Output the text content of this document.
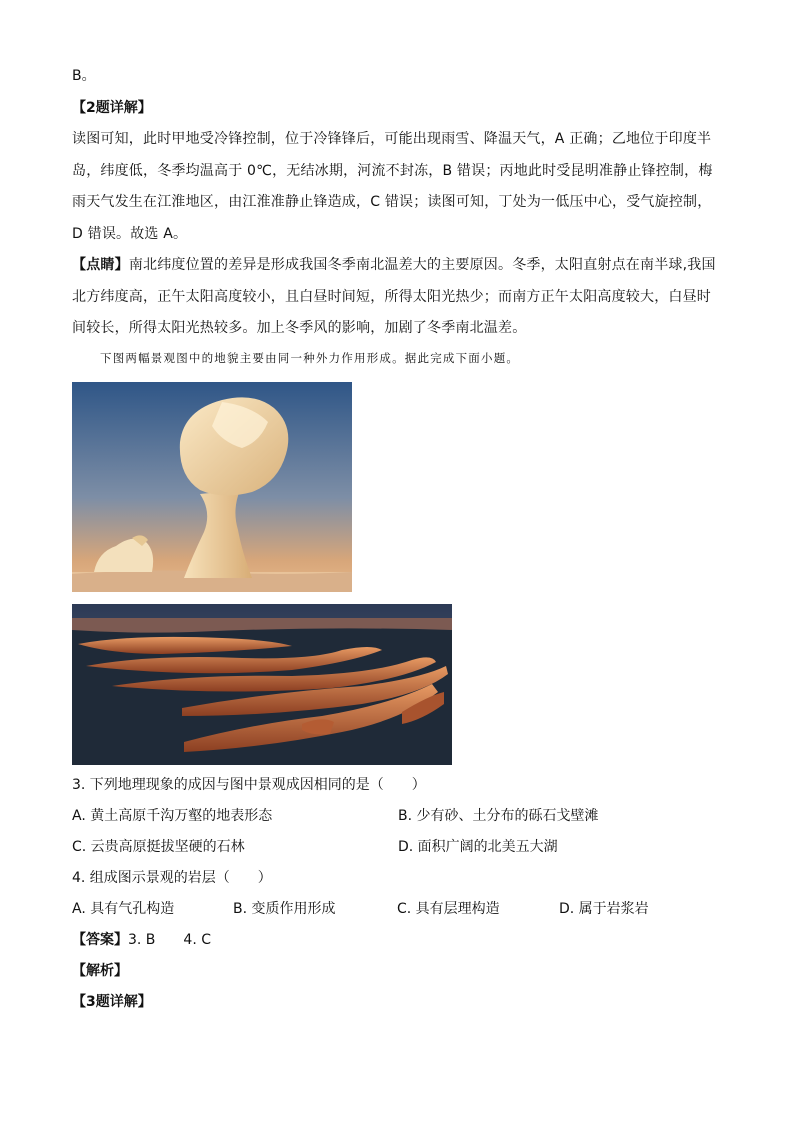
B。
【2题详解】
读图可知，此时甲地受冷锋控制，位于冷锋锋后，可能出现雨雪、降温天气，A 正确；乙地位于印度半岛，纬度低，冬季均温高于 0℃，无结冰期，河流不封冻，B 错误；丙地此时受昆明准静止锋控制，梅雨天气发生在江淮地区，由江淮准静止锋造成，C 错误；读图可知，丁处为一低压中心，受气旋控制，D 错误。故选 A。
【点睛】南北纬度位置的差异是形成我国冬季南北温差大的主要原因。冬季，太阳直射点在南半球,我国北方纬度高，正午太阳高度较小，且白昼时间短，所得太阳光热少；而南方正午太阳高度较大，白昼时间较长，所得太阳光热较多。加上冬季风的影响，加剧了冬季南北温差。
下图两幅景观图中的地貌主要由同一种外力作用形成。据此完成下面小题。
3. 下列地理现象的成因与图中景观成因相同的是（　　）
A. 黄土高原千沟万壑的地表形态	B. 少有砂、土分布的砾石戈壁滩
C. 云贵高原挺拔坚硬的石林	D. 面积广阔的北美五大湖
4. 组成图示景观的岩层（　　）
A. 具有气孔构造	B. 变质作用形成	C. 具有层理构造	D. 属于岩浆岩
【答案】3. B　　4. C
【解析】
【3题详解】
